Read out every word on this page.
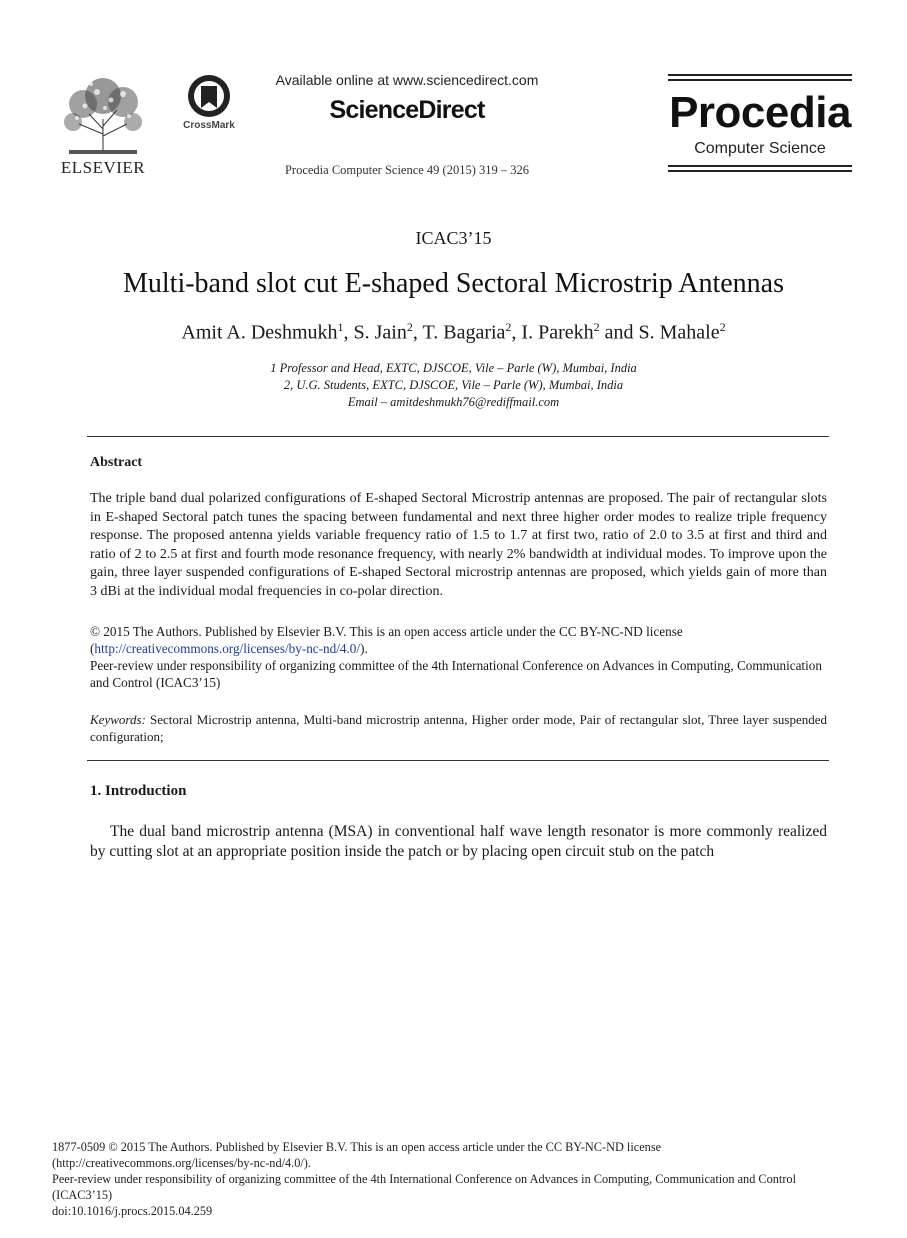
ELSEVIER
CrossMark
Available online at www.sciencedirect.com
ScienceDirect
Procedia Computer Science 49 (2015) 319 – 326
Procedia
Computer Science
ICAC3’15
Multi-band slot cut E-shaped Sectoral Microstrip Antennas
Amit A. Deshmukh$^1$, S. Jain$^2$, T. Bagaria$^2$, I. Parekh$^2$ and S. Mahale$^2$
1 Professor and Head, EXTC, DJSCOE, Vile – Parle (W), Mumbai, India
2, U.G. Students, EXTC, DJSCOE, Vile – Parle (W), Mumbai, India
Email – amitdeshmukh76@rediffmail.com
Abstract
The triple band dual polarized configurations of E-shaped Sectoral Microstrip antennas are proposed. The pair of rectangular slots in E-shaped Sectoral patch tunes the spacing between fundamental and next three higher order modes to realize triple frequency response. The proposed antenna yields variable frequency ratio of 1.5 to 1.7 at first two, ratio of 2.0 to 3.5 at first and third and ratio of 2 to 2.5 at first and fourth mode resonance frequency, with nearly 2% bandwidth at individual modes. To improve upon the gain, three layer suspended configurations of E-shaped Sectoral microstrip antennas are proposed, which yields gain of more than 3 dBi at the individual modal frequencies in co-polar direction.
© 2015 The Authors. Published by Elsevier B.V. This is an open access article under the CC BY-NC-ND license
(http://creativecommons.org/licenses/by-nc-nd/4.0/).
Peer-review under responsibility of organizing committee of the 4th International Conference on Advances in Computing, Communication and Control (ICAC3’15)
Keywords: Sectoral Microstrip antenna, Multi-band microstrip antenna, Higher order mode, Pair of rectangular slot, Three layer suspended configuration;
1. Introduction
The dual band microstrip antenna (MSA) in conventional half wave length resonator is more commonly realized by cutting slot at an appropriate position inside the patch or by placing open circuit stub on the patch
1877-0509 © 2015 The Authors. Published by Elsevier B.V. This is an open access article under the CC BY-NC-ND license
(http://creativecommons.org/licenses/by-nc-nd/4.0/).
Peer-review under responsibility of organizing committee of the 4th International Conference on Advances in Computing, Communication and Control (ICAC3’15)
doi:10.1016/j.procs.2015.04.259
